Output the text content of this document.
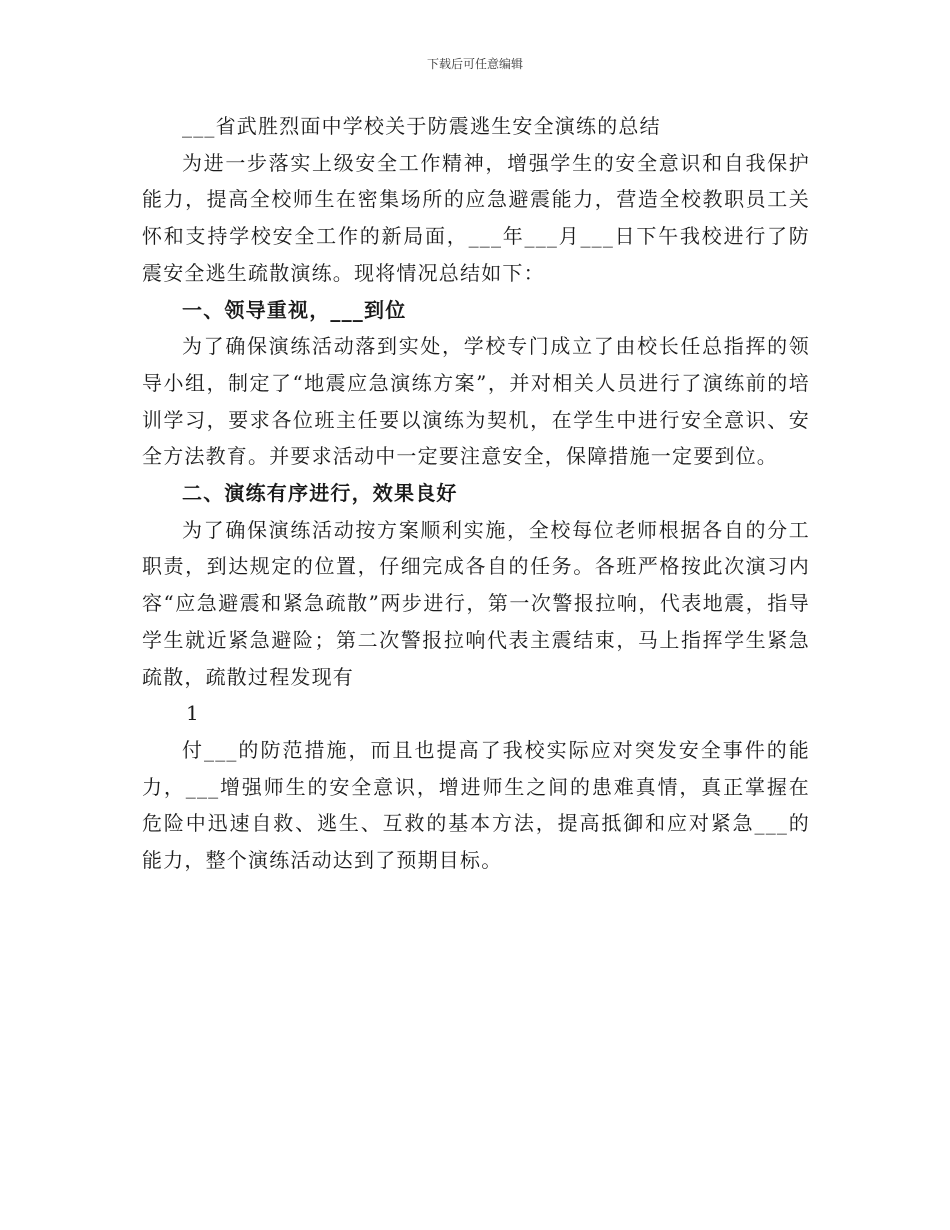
下载后可任意编辑

___省武胜烈面中学校关于防震逃生安全演练的总结

为进一步落实上级安全工作精神，增强学生的安全意识和自我保护能力，提高全校师生在密集场所的应急避震能力，营造全校教职员工关怀和支持学校安全工作的新局面，___年___月___日下午我校进行了防震安全逃生疏散演练。现将情况总结如下：

一、领导重视，___到位

为了确保演练活动落到实处，学校专门成立了由校长任总指挥的领导小组，制定了“地震应急演练方案”，并对相关人员进行了演练前的培训学习，要求各位班主任要以演练为契机，在学生中进行安全意识、安全方法教育。并要求活动中一定要注意安全，保障措施一定要到位。

二、演练有序进行，效果良好

为了确保演练活动按方案顺利实施，全校每位老师根据各自的分工职责，到达规定的位置，仔细完成各自的任务。各班严格按此次演习内容“应急避震和紧急疏散”两步进行，第一次警报拉响，代表地震，指导学生就近紧急避险；第二次警报拉响代表主震结束，马上指挥学生紧急疏散，疏散过程发现有

1

付___的防范措施，而且也提高了我校实际应对突发安全事件的能力，___增强师生的安全意识，增进师生之间的患难真情，真正掌握在危险中迅速自救、逃生、互救的基本方法，提高抵御和应对紧急___的能力，整个演练活动达到了预期目标。
